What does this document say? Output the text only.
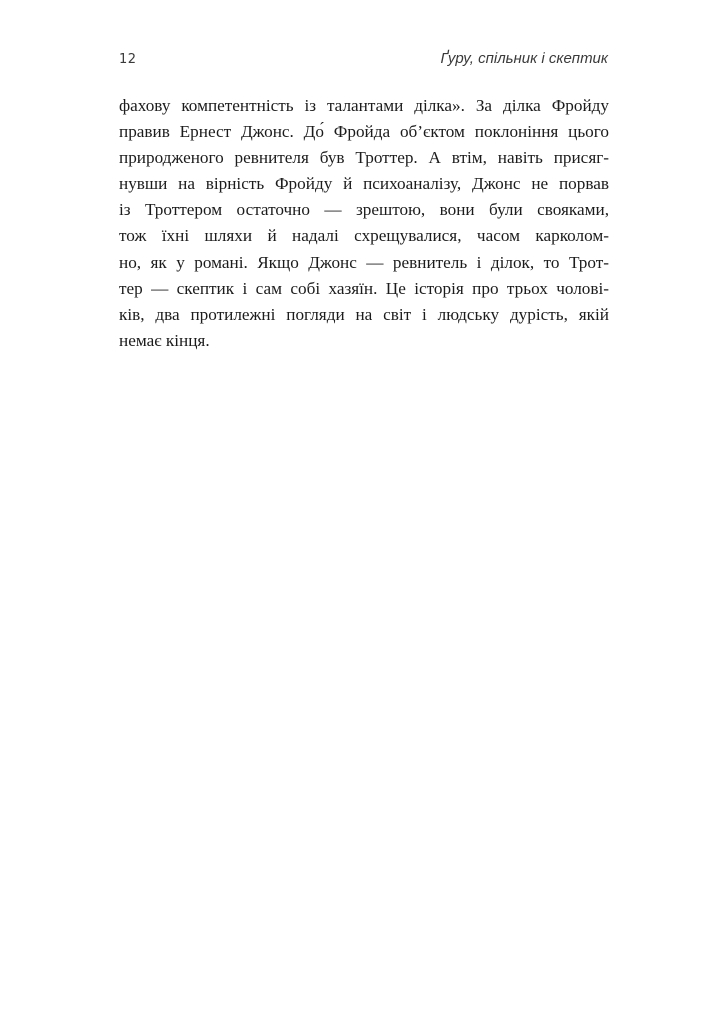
12	Ґуру, спільник і скептик

фахову компетентність із талантами ділка». За ділка Фройду
правив Ернест Джонс. До́ Фройда об’єктом поклоніння цього
природженого ревнителя був Троттер. А втім, навіть присяг-
нувши на вірність Фройду й психоаналізу, Джонс не порвав
із Троттером остаточно — зрештою, вони були свояками,
тож їхні шляхи й надалі схрещувалися, часом карколом-
но, як у романі. Якщо Джонс — ревнитель і ділок, то Трот-
тер — скептик і сам собі хазяїн. Це історія про трьох чолові-
ків, два протилежні погляди на світ і людську дурість, якій
немає кінця.
